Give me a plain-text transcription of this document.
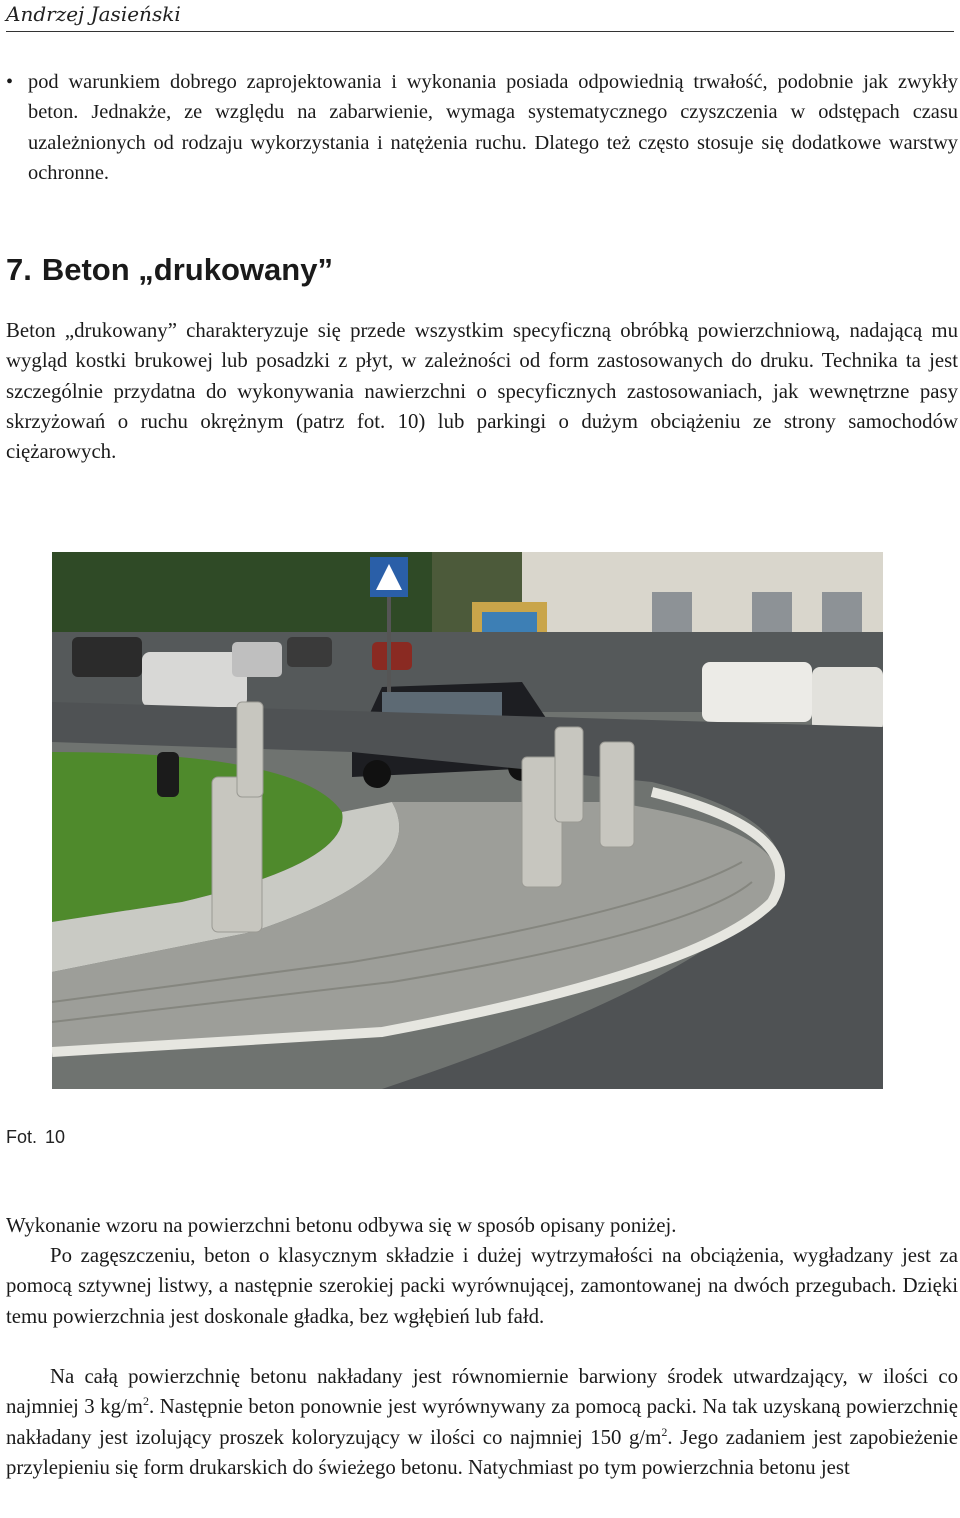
Andrzej Jasieński
• pod warunkiem dobrego zaprojektowania i wykonania posiada odpowiednią trwałość, podobnie jak zwykły beton. Jednakże, ze względu na zabarwienie, wymaga systematycznego czyszczenia w odstępach czasu uzależnionych od rodzaju wykorzystania i natężenia ruchu. Dlatego też często stosuje się dodatkowe warstwy ochronne.
7. Beton „drukowany”

Beton „drukowany” charakteryzuje się przede wszystkim specyficzną obróbką powierzchniową, nadającą mu wygląd kostki brukowej lub posadzki z płyt, w zależności od form zastosowanych do druku. Technika ta jest szczególnie przydatna do wykonywania nawierzchni o specyficznych zastosowaniach, jak wewnętrzne pasy skrzyżowań o ruchu okrężnym (patrz fot. 10) lub parkingi o dużym obciążeniu ze strony samochodów ciężarowych.

Fot. 10

Wykonanie wzoru na powierzchni betonu odbywa się w sposób opisany poniżej.

Po zagęszczeniu, beton o klasycznym składzie i dużej wytrzymałości na obciążenia, wygładzany jest za pomocą sztywnej listwy, a następnie szerokiej packi wyrównującej, zamontowanej na dwóch przegubach. Dzięki temu powierzchnia jest doskonale gładka, bez wgłębień lub fałd.

Na całą powierzchnię betonu nakładany jest równomiernie barwiony środek utwardzający, w ilości co najmniej 3 $kg/m^2$. Następnie beton ponownie jest wyrównywany za pomocą packi. Na tak uzyskaną powierzchnię nakładany jest izolujący proszek koloryzujący w ilości co najmniej 150 $g/m^2$. Jego zadaniem jest zapobieżenie przylepieniu się form drukarskich do świeżego betonu. Natychmiast po tym powierzchnia betonu jest
